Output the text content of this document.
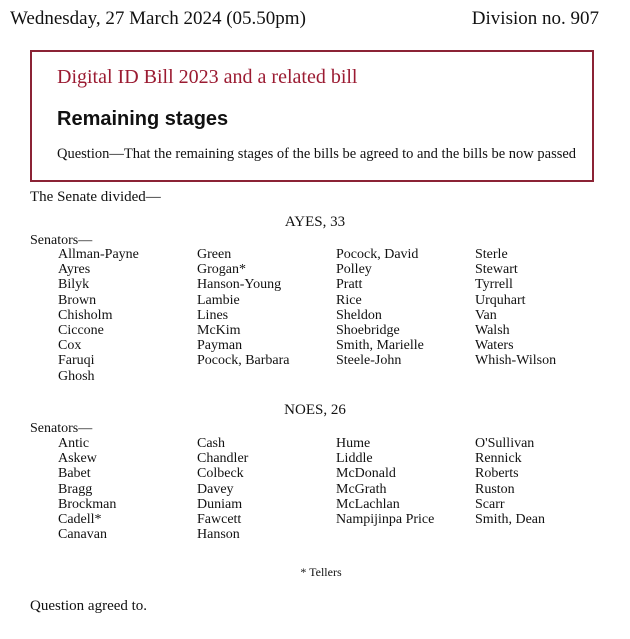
Wednesday, 27 March 2024 (05.50pm)	Division no. 907
Digital ID Bill 2023 and a related bill
Remaining stages
Question—That the remaining stages of the bills be agreed to and the bills be now passed
The Senate divided—
AYES, 33
Senators—
Allman-Payne
Ayres
Bilyk
Brown
Chisholm
Ciccone
Cox
Faruqi
Ghosh
Green
Grogan*
Hanson-Young
Lambie
Lines
McKim
Payman
Pocock, Barbara
Pocock, David
Polley
Pratt
Rice
Sheldon
Shoebridge
Smith, Marielle
Steele-John
Sterle
Stewart
Tyrrell
Urquhart
Van
Walsh
Waters
Whish-Wilson
NOES, 26
Senators—
Antic
Askew
Babet
Bragg
Brockman
Cadell*
Canavan
Cash
Chandler
Colbeck
Davey
Duniam
Fawcett
Hanson
Hume
Liddle
McDonald
McGrath
McLachlan
Nampijinpa Price
O'Sullivan
Rennick
Roberts
Ruston
Scarr
Smith, Dean
* Tellers
Question agreed to.
